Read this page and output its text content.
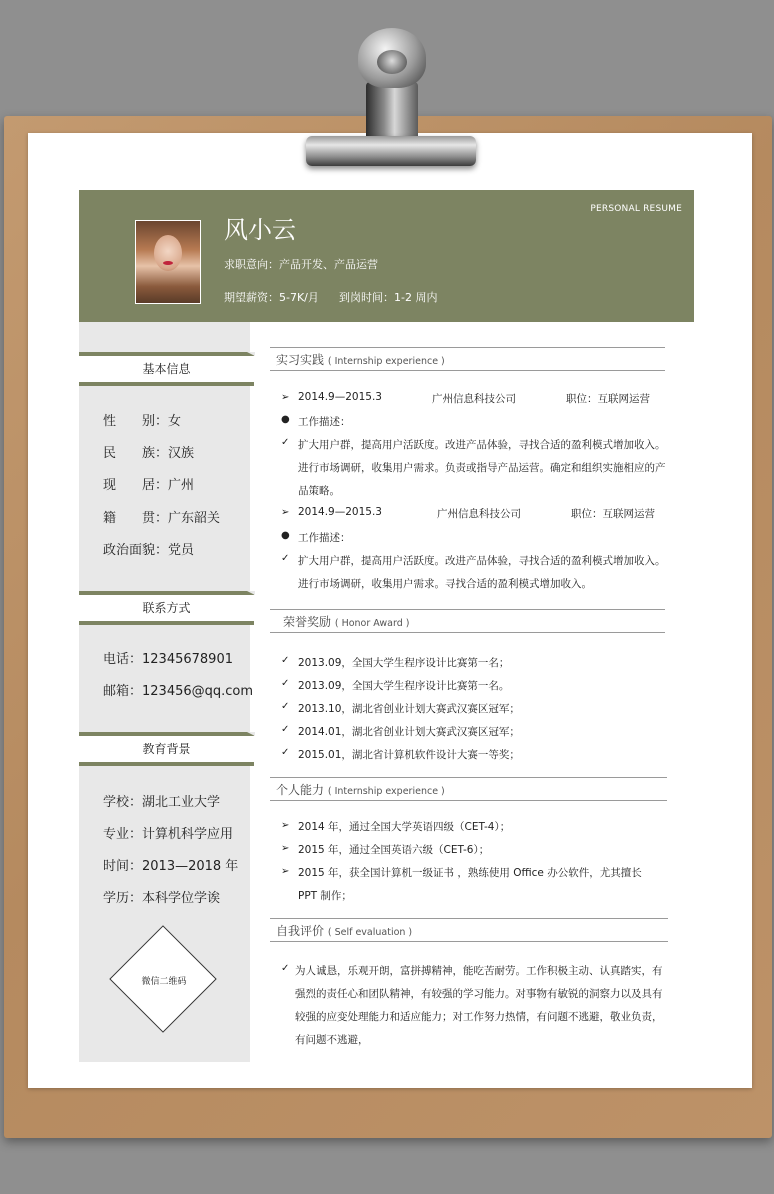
PERSONAL RESUME
风小云
求职意向：产品开发、产品运营
期望薪资：5-7K/月 到岗时间：1-2 周内
基本信息
性　　别：女
民　　族：汉族
现　　居：广州
籍　　贯：广东韶关
政治面貌：党员
联系方式
电话：12345678901
邮箱：123456@qq.com
教育背景
学校：湖北工业大学
专业：计算机科学应用
时间：2013—2018 年
学历：本科学位学诶
微信二维码
实习实践 ( Internship experience )
➢ 2014.9—2015.3	广州信息科技公司	职位：互联网运营
● 工作描述：
✓ 扩大用户群，提高用户活跃度。改进产品体验，寻找合适的盈利模式增加收入。
进行市场调研，收集用户需求。负责或指导产品运营。确定和组织实施相应的产
品策略。
➢ 2014.9—2015.3	广州信息科技公司	职位：互联网运营
● 工作描述：
✓ 扩大用户群，提高用户活跃度。改进产品体验，寻找合适的盈利模式增加收入。
进行市场调研，收集用户需求。寻找合适的盈利模式增加收入。
荣誉奖励 ( Honor Award )
✓ 2013.09，全国大学生程序设计比赛第一名；
✓ 2013.09，全国大学生程序设计比赛第一名。
✓ 2013.10，湖北省创业计划大赛武汉赛区冠军；
✓ 2014.01，湖北省创业计划大赛武汉赛区冠军；
✓ 2015.01，湖北省计算机软件设计大赛一等奖；
个人能力 ( Internship experience )
➢ 2014 年，通过全国大学英语四级（CET-4）；
➢ 2015 年，通过全国英语六级（CET-6）；
➢ 2015 年，获全国计算机一级证书 ，熟练使用 Office 办公软件，尤其擅长
PPT 制作；
自我评价 ( Self evaluation )
✓ 为人诚恳，乐观开朗，富拼搏精神，能吃苦耐劳。工作积极主动、认真踏实，有
强烈的责任心和团队精神，有较强的学习能力。对事物有敏锐的洞察力以及具有
较强的应变处理能力和适应能力；对工作努力热情，有问题不逃避，敬业负责，
有问题不逃避，
